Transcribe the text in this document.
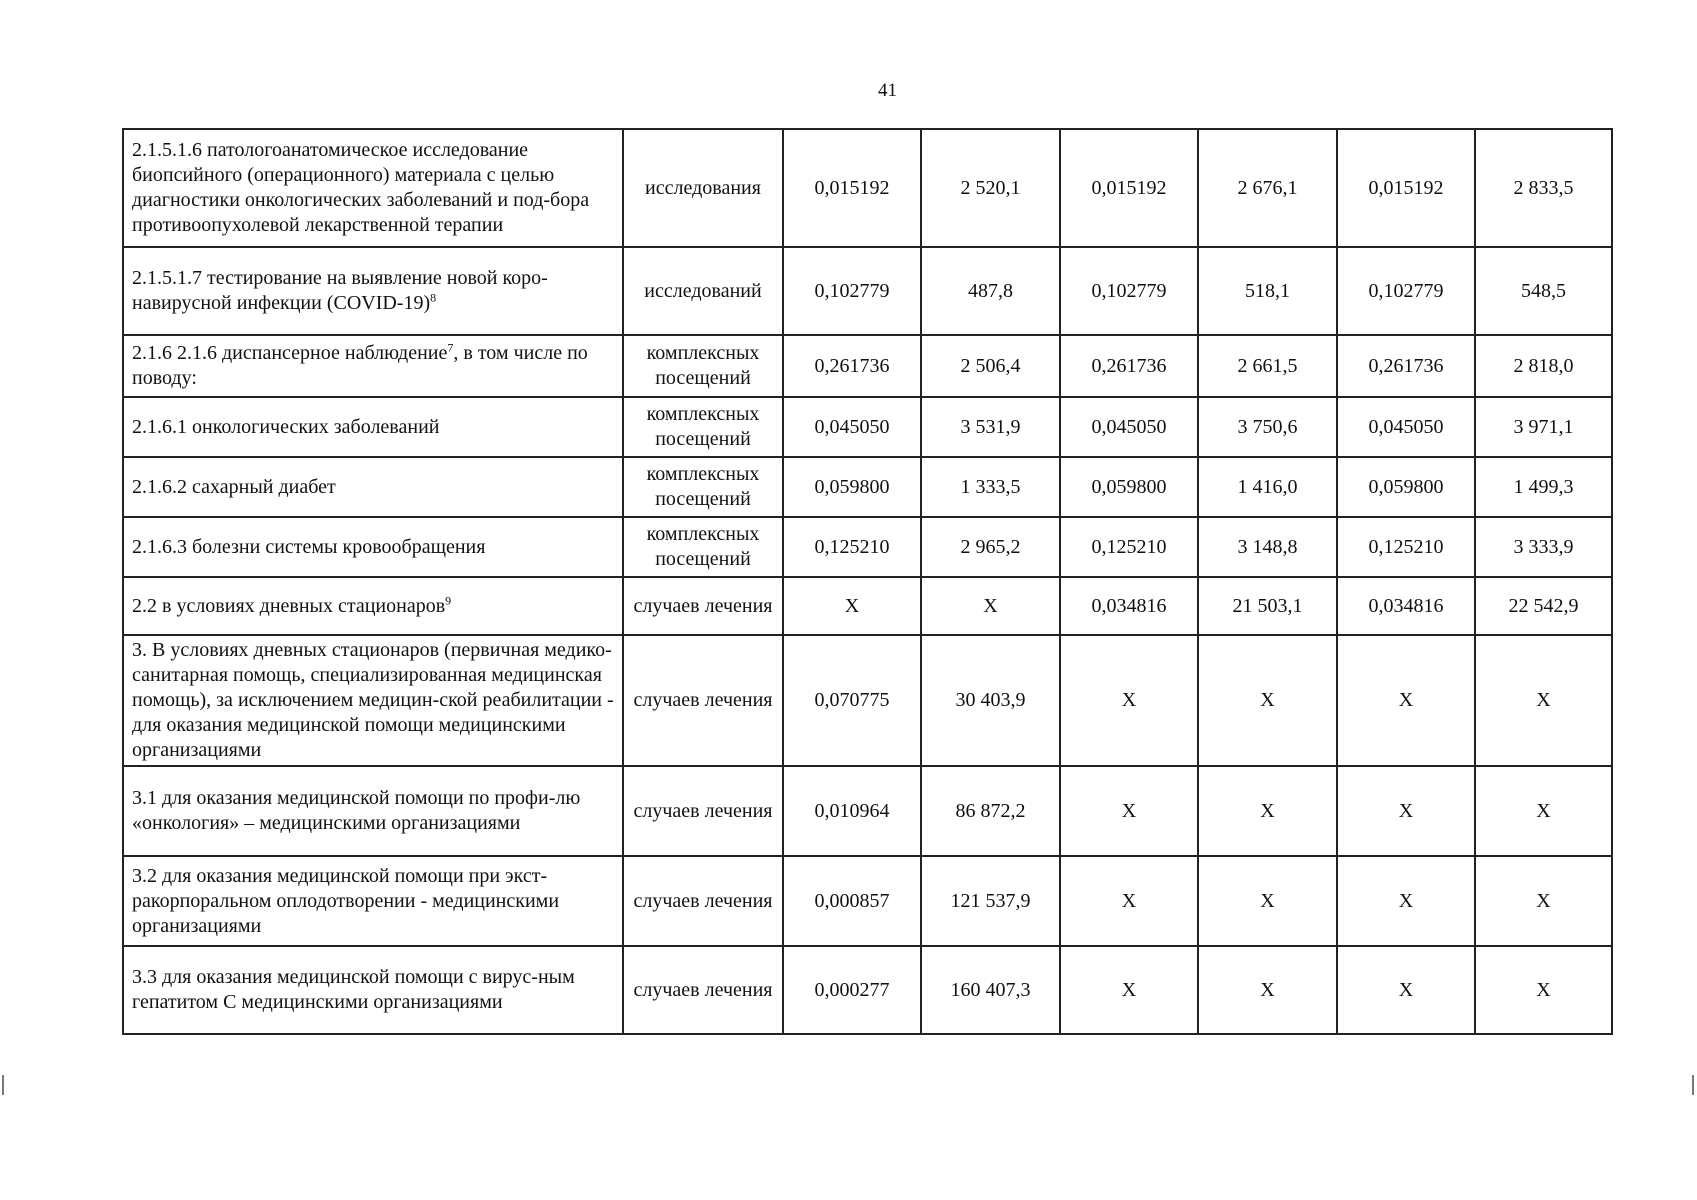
41
2.1.5.1.6 патологоанатомическое исследование биопсийного (операционного) материала с целью диагностики онкологических заболеваний и под-бора противоопухолевой лекарственной терапии	исследования	0,015192	2 520,1	0,015192	2 676,1	0,015192	2 833,5
2.1.5.1.7 тестирование на выявление новой коро-навирусной инфекции (COVID-19)$^8$	исследований	0,102779	487,8	0,102779	518,1	0,102779	548,5
2.1.6 2.1.6 диспансерное наблюдение$^7$, в том числе по поводу:	комплексных посещений	0,261736	2 506,4	0,261736	2 661,5	0,261736	2 818,0
2.1.6.1 онкологических заболеваний	комплексных посещений	0,045050	3 531,9	0,045050	3 750,6	0,045050	3 971,1
2.1.6.2 сахарный диабет	комплексных посещений	0,059800	1 333,5	0,059800	1 416,0	0,059800	1 499,3
2.1.6.3 болезни системы кровообращения	комплексных посещений	0,125210	2 965,2	0,125210	3 148,8	0,125210	3 333,9
2.2 в условиях дневных стационаров$^9$	случаев лечения	Х	Х	0,034816	21 503,1	0,034816	22 542,9
3. В условиях дневных стационаров (первичная медико-санитарная помощь, специализированная медицинская помощь), за исключением медицин-ской реабилитации - для оказания медицинской помощи медицинскими организациями	случаев лечения	0,070775	30 403,9	Х	Х	Х	Х
3.1 для оказания медицинской помощи по профи-лю «онкология» – медицинскими организациями	случаев лечения	0,010964	86 872,2	Х	Х	Х	Х
3.2 для оказания медицинской помощи при экст-ракорпоральном оплодотворении - медицинскими организациями	случаев лечения	0,000857	121 537,9	Х	Х	Х	Х
3.3 для оказания медицинской помощи с вирус-ным гепатитом С медицинскими организациями	случаев лечения	0,000277	160 407,3	Х	Х	Х	Х
